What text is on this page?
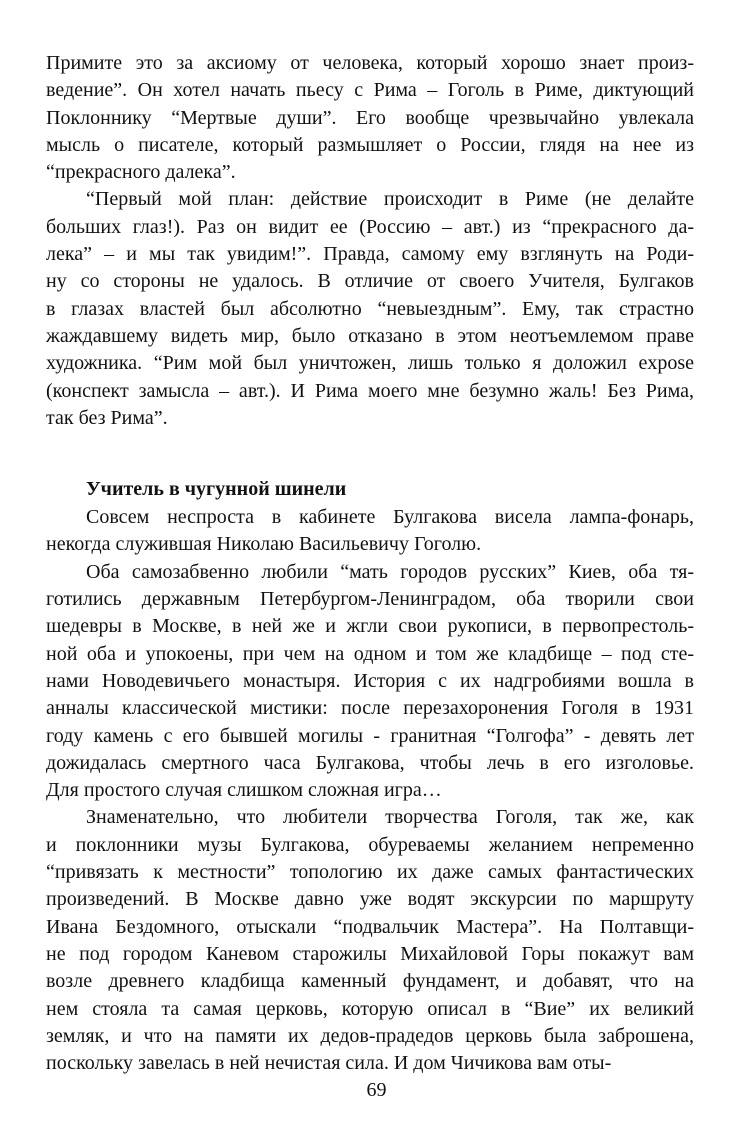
Примите это за аксиому от человека, который хорошо знает произ-
ведение”. Он хотел начать пьесу с Рима – Гоголь в Риме, диктующий
Поклоннику “Мертвые души”. Его вообще чрезвычайно увлекала
мысль о писателе, который размышляет о России, глядя на нее из
“прекрасного далека”.

“Первый мой план: действие происходит в Риме (не делайте
больших глаз!). Раз он видит ее (Россию – авт.) из “прекрасного да-
лека” – и мы так увидим!”. Правда, самому ему взглянуть на Роди-
ну со стороны не удалось. В отличие от своего Учителя, Булгаков
в глазах властей был абсолютно “невыездным”. Ему, так страстно
жаждавшему видеть мир, было отказано в этом неотъемлемом праве
художника. “Рим мой был уничтожен, лишь только я доложил expose
(конспект замысла – авт.). И Рима моего мне безумно жаль! Без Рима,
так без Рима”.

Учитель в чугунной шинели

Совсем неспроста в кабинете Булгакова висела лампа-фонарь,
некогда служившая Николаю Васильевичу Гоголю.

Оба самозабвенно любили “мать городов русских” Киев, оба тя-
готились державным Петербургом-Ленинградом, оба творили свои
шедевры в Москве, в ней же и жгли свои рукописи, в первопрестоль-
ной оба и упокоены, при чем на одном и том же кладбище – под сте-
нами Новодевичьего монастыря. История с их надгробиями вошла в
анналы классической мистики: после перезахоронения Гоголя в 1931
году камень с его бывшей могилы - гранитная “Голгофа” - девять лет
дожидалась смертного часа Булгакова, чтобы лечь в его изголовье.
Для простого случая слишком сложная игра…

Знаменательно, что любители творчества Гоголя, так же, как
и поклонники музы Булгакова, обуреваемы желанием непременно
“привязать к местности” топологию их даже самых фантастических
произведений. В Москве давно уже водят экскурсии по маршруту
Ивана Бездомного, отыскали “подвальчик Мастера”. На Полтавщи-
не под городом Каневом старожилы Михайловой Горы покажут вам
возле древнего кладбища каменный фундамент, и добавят, что на
нем стояла та самая церковь, которую описал в “Вие” их великий
земляк, и что на памяти их дедов-прадедов церковь была заброшена,
поскольку завелась в ней нечистая сила. И дом Чичикова вам оты-

69
